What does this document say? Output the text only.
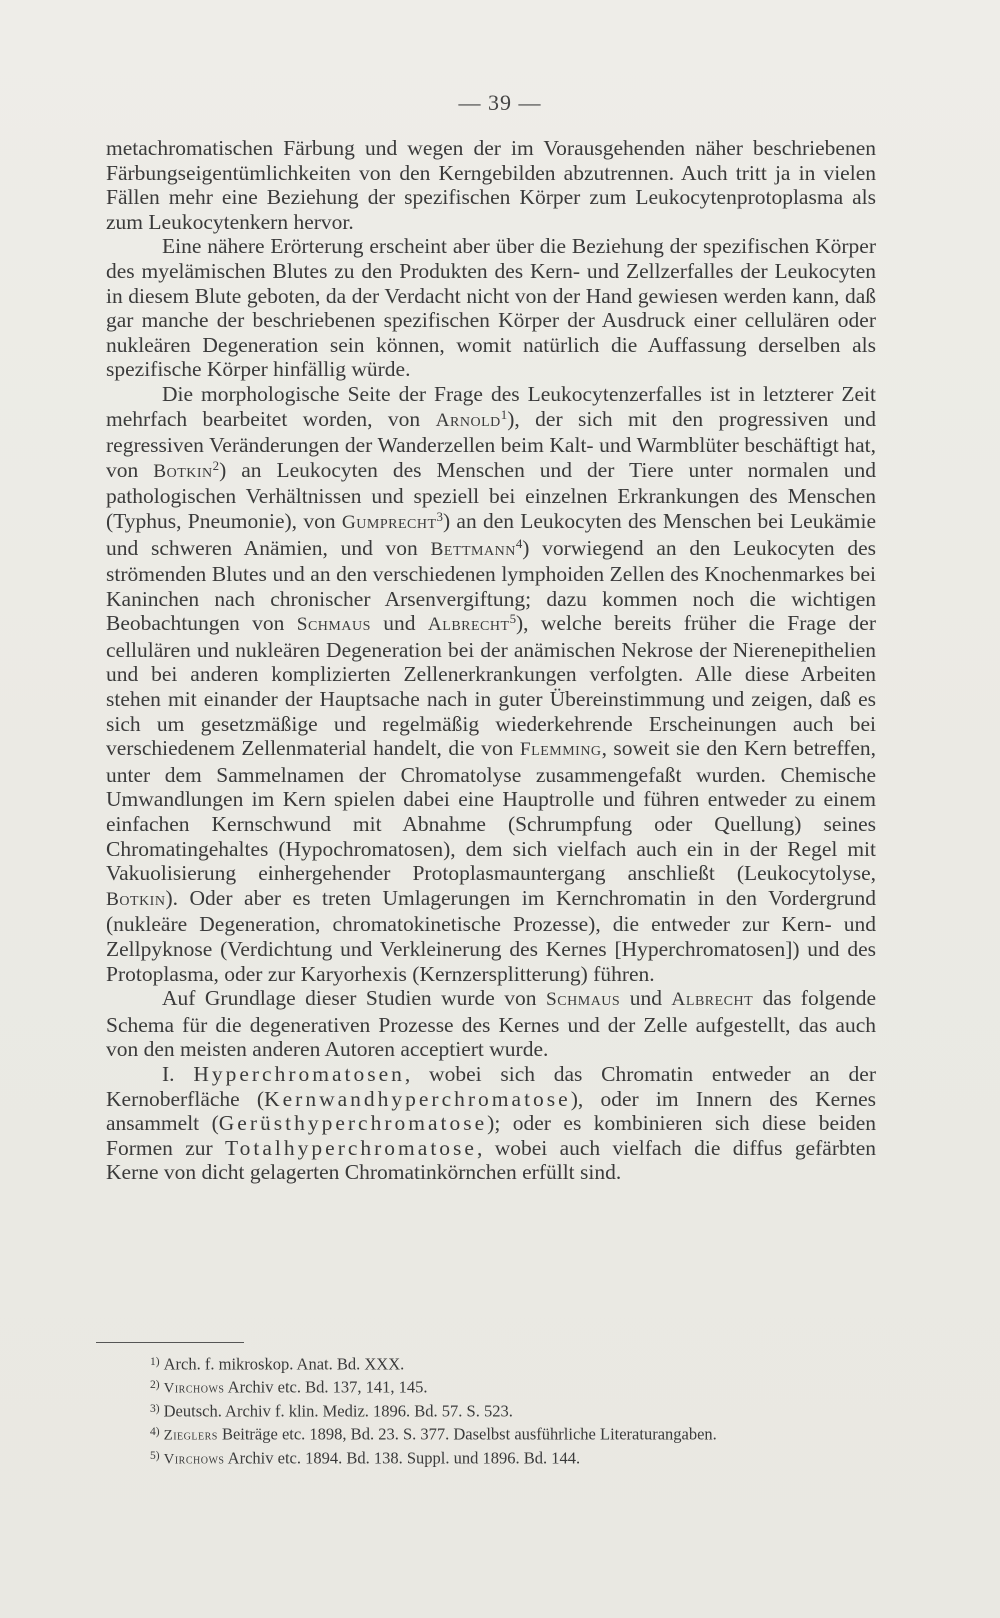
— 39 —

metachromatischen Färbung und wegen der im Vorausgehenden näher beschriebenen Färbungseigentümlichkeiten von den Kerngebilden abzutrennen. Auch tritt ja in vielen Fällen mehr eine Beziehung der spezifischen Körper zum Leukocytenprotoplasma als zum Leukocytenkern hervor.

Eine nähere Erörterung erscheint aber über die Beziehung der spezifischen Körper des myelämischen Blutes zu den Produkten des Kern- und Zellzerfalles der Leukocyten in diesem Blute geboten, da der Verdacht nicht von der Hand gewiesen werden kann, daß gar manche der beschriebenen spezifischen Körper der Ausdruck einer cellulären oder nukleären Degeneration sein können, womit natürlich die Auffassung derselben als spezifische Körper hinfällig würde.

Die morphologische Seite der Frage des Leukocytenzerfalles ist in letzterer Zeit mehrfach bearbeitet worden, von Arnold$^1$), der sich mit den progressiven und regressiven Veränderungen der Wanderzellen beim Kalt- und Warmblüter beschäftigt hat, von Botkin$^2$) an Leukocyten des Menschen und der Tiere unter normalen und pathologischen Verhältnissen und speziell bei einzelnen Erkrankungen des Menschen (Typhus, Pneumonie), von Gumprecht$^3$) an den Leukocyten des Menschen bei Leukämie und schweren Anämien, und von Bettmann$^4$) vorwiegend an den Leukocyten des strömenden Blutes und an den verschiedenen lymphoiden Zellen des Knochenmarkes bei Kaninchen nach chronischer Arsenvergiftung; dazu kommen noch die wichtigen Beobachtungen von Schmaus und Albrecht$^5$), welche bereits früher die Frage der cellulären und nukleären Degeneration bei der anämischen Nekrose der Nierenepithelien und bei anderen komplizierten Zellenerkrankungen verfolgten. Alle diese Arbeiten stehen mit einander der Hauptsache nach in guter Übereinstimmung und zeigen, daß es sich um gesetzmäßige und regelmäßig wiederkehrende Erscheinungen auch bei verschiedenem Zellenmaterial handelt, die von Flemming, soweit sie den Kern betreffen, unter dem Sammelnamen der Chromatolyse zusammengefaßt wurden. Chemische Umwandlungen im Kern spielen dabei eine Hauptrolle und führen entweder zu einem einfachen Kernschwund mit Abnahme (Schrumpfung oder Quellung) seines Chromatingehaltes (Hypochromatosen), dem sich vielfach auch ein in der Regel mit Vakuolisierung einhergehender Protoplasmauntergang anschließt (Leukocytolyse, Botkin). Oder aber es treten Umlagerungen im Kernchromatin in den Vordergrund (nukleäre Degeneration, chromatokinetische Prozesse), die entweder zur Kern- und Zellpyknose (Verdichtung und Verkleinerung des Kernes [Hyperchromatosen]) und des Protoplasma, oder zur Karyorhexis (Kernzersplitterung) führen.

Auf Grundlage dieser Studien wurde von Schmaus und Albrecht das folgende Schema für die degenerativen Prozesse des Kernes und der Zelle aufgestellt, das auch von den meisten anderen Autoren acceptiert wurde.

I. Hyperchromatosen, wobei sich das Chromatin entweder an der Kernoberfläche (Kernwandhyperchromatose), oder im Innern des Kernes ansammelt (Gerüsthyperchromatose); oder es kombinieren sich diese beiden Formen zur Totalhyperchromatose, wobei auch vielfach die diffus gefärbten Kerne von dicht gelagerten Chromatinkörnchen erfüllt sind.

$^{1)}$ Arch. f. mikroskop. Anat. Bd. XXX.
$^{2)}$ Virchows Archiv etc. Bd. 137, 141, 145.
$^{3)}$ Deutsch. Archiv f. klin. Mediz. 1896. Bd. 57. S. 523.
$^{4)}$ Zieglers Beiträge etc. 1898, Bd. 23. S. 377. Daselbst ausführliche Literaturangaben.
$^{5)}$ Virchows Archiv etc. 1894. Bd. 138. Suppl. und 1896. Bd. 144.
